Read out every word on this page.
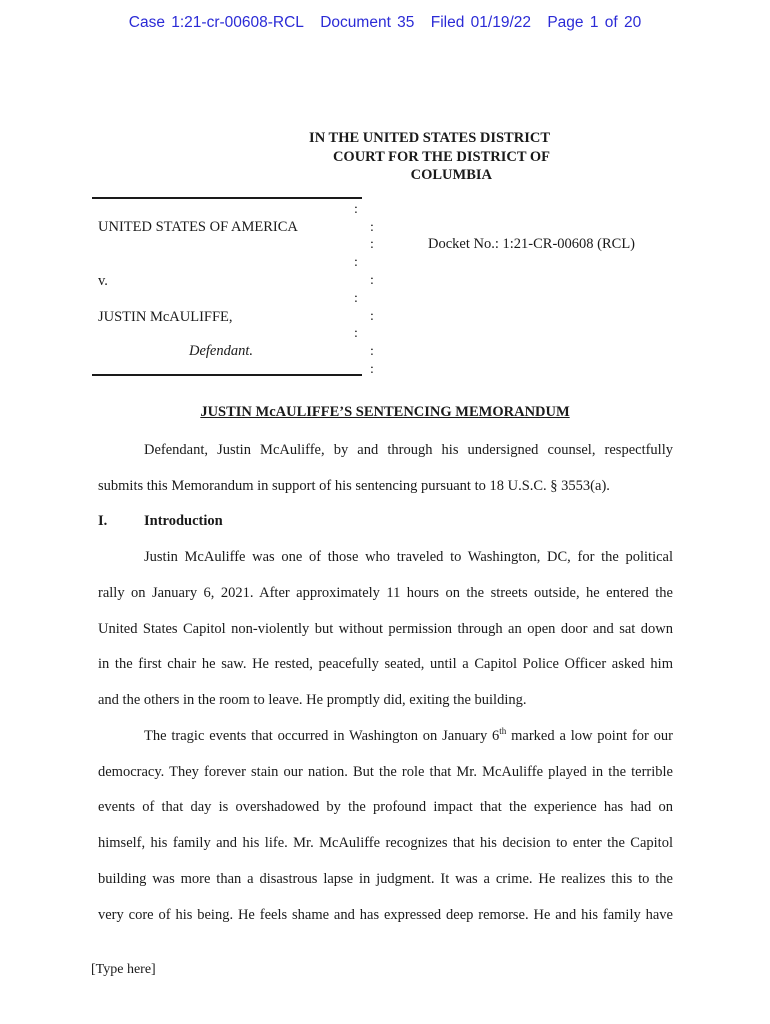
Case 1:21-cr-00608-RCL Document 35 Filed 01/19/22 Page 1 of 20
IN THE UNITED STATES DISTRICT
COURT FOR THE DISTRICT OF
COLUMBIA
:
:
:
:
:
:
:
:
:
:
UNITED STATES OF AMERICA
Docket No.: 1:21-CR-00608 (RCL)
v.
JUSTIN McAULIFFE,
Defendant.
JUSTIN McAULIFFE’S SENTENCING MEMORANDUM
Defendant, Justin McAuliffe, by and through his undersigned counsel, respectfully
submits this Memorandum in support of his sentencing pursuant to 18 U.S.C. § 3553(a).
I.	Introduction
Justin McAuliffe was one of those who traveled to Washington, DC, for the political
rally on January 6, 2021. After approximately 11 hours on the streets outside, he entered the
United States Capitol non-violently but without permission through an open door and sat down
in the first chair he saw. He rested, peacefully seated, until a Capitol Police Officer asked him
and the others in the room to leave. He promptly did, exiting the building.
The tragic events that occurred in Washington on January 6th marked a low point for our
democracy. They forever stain our nation. But the role that Mr. McAuliffe played in the terrible
events of that day is overshadowed by the profound impact that the experience has had on
himself, his family and his life. Mr. McAuliffe recognizes that his decision to enter the Capitol
building was more than a disastrous lapse in judgment. It was a crime. He realizes this to the
very core of his being. He feels shame and has expressed deep remorse. He and his family have
[Type here]
